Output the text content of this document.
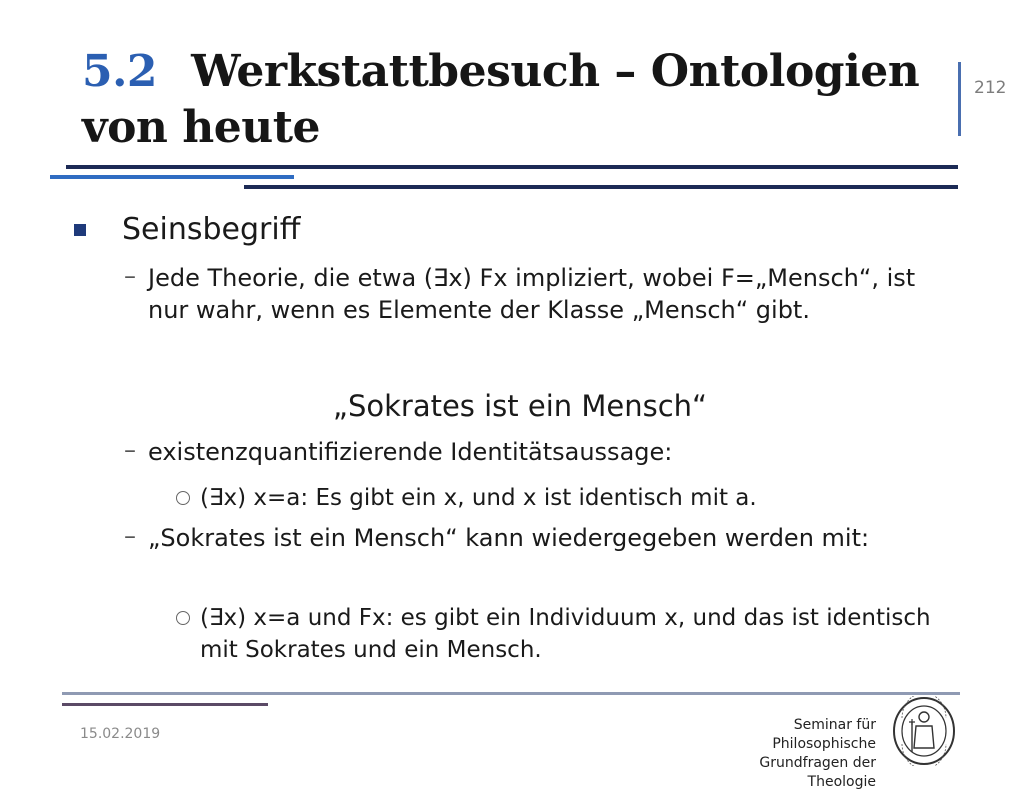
5.2 Werkstattbesuch – Ontologien von heute
212
Seinsbegriff
– Jede Theorie, die etwa (∃x) Fx impliziert, wobei F=„Mensch“, ist nur wahr, wenn es Elemente der Klasse „Mensch“ gibt.
„Sokrates ist ein Mensch“
– existenzquantifizierende Identitätsaussage:
(∃x) x=a: Es gibt ein x, und x ist identisch mit a.
– „Sokrates ist ein Mensch“ kann wiedergegeben werden mit:
(∃x) x=a und Fx: es gibt ein Individuum x, und das ist identisch mit Sokrates und ein Mensch.
15.02.2019
Seminar für Philosophische
Grundfragen der Theologie
